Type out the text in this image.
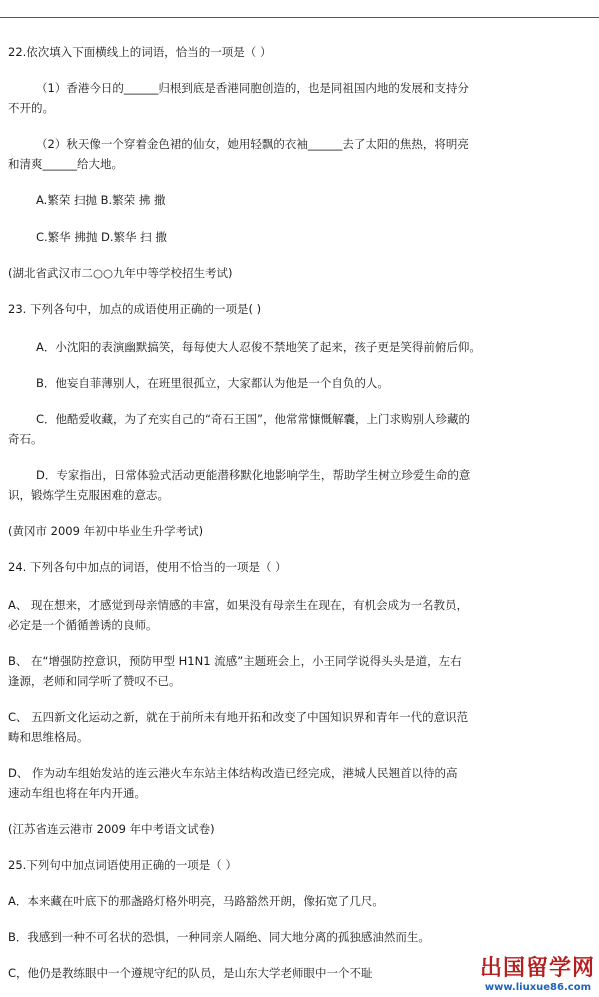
22.依次填入下面横线上的词语，恰当的一项是（ ）
（1）香港今日的______归根到底是香港同胞创造的，也是同祖国内地的发展和支持分
不开的。
（2）秋天像一个穿着金色裙的仙女，她用轻飘的衣袖______去了太阳的焦热，将明亮
和清爽______给大地。
A.繁荣 扫抛 B.繁荣 拂 撒
C.繁华 拂抛 D.繁华 扫 撒
(湖北省武汉市二○○九年中等学校招生考试)
23. 下列各句中，加点的成语使用正确的一项是( )
A．小沈阳的表演幽默搞笑，每每使大人忍俊不禁地笑了起来，孩子更是笑得前俯后仰。
B．他妄自菲薄别人，在班里很孤立，大家都认为他是一个自负的人。
C．他酷爱收藏，为了充实自己的“奇石王国”，他常常慷慨解囊，上门求购别人珍藏的
奇石。
D．专家指出，日常体验式活动更能潜移默化地影响学生，帮助学生树立珍爱生命的意
识，锻炼学生克服困难的意志。
(黄冈市 2009 年初中毕业生升学考试)
24. 下列各句中加点的词语，使用不恰当的一项是（ ）
A、 现在想来，才感觉到母亲情感的丰富，如果没有母亲生在现在，有机会成为一名教员，
必定是一个循循善诱的良师。
B、 在“增强防控意识，预防甲型 H1N1 流感”主题班会上，小王同学说得头头是道，左右
逢源，老师和同学听了赞叹不已。
C、 五四新文化运动之新，就在于前所未有地开拓和改变了中国知识界和青年一代的意识范
畴和思维格局。
D、 作为动车组始发站的连云港火车东站主体结构改造已经完成，港城人民翘首以待的高
速动车组也将在年内开通。
(江苏省连云港市 2009 年中考语文试卷)
25.下列句中加点词语使用正确的一项是（ ）
A．本来藏在叶底下的那盏路灯格外明亮，马路豁然开朗，像拓宽了几尺。
B．我感到一种不可名状的恐惧，一种同亲人隔绝、同大地分离的孤独感油然而生。
C，他仍是教练眼中一个遵规守纪的队员，是山东大学老师眼中一个不耻	出国留学网
www.liuxue86.com
